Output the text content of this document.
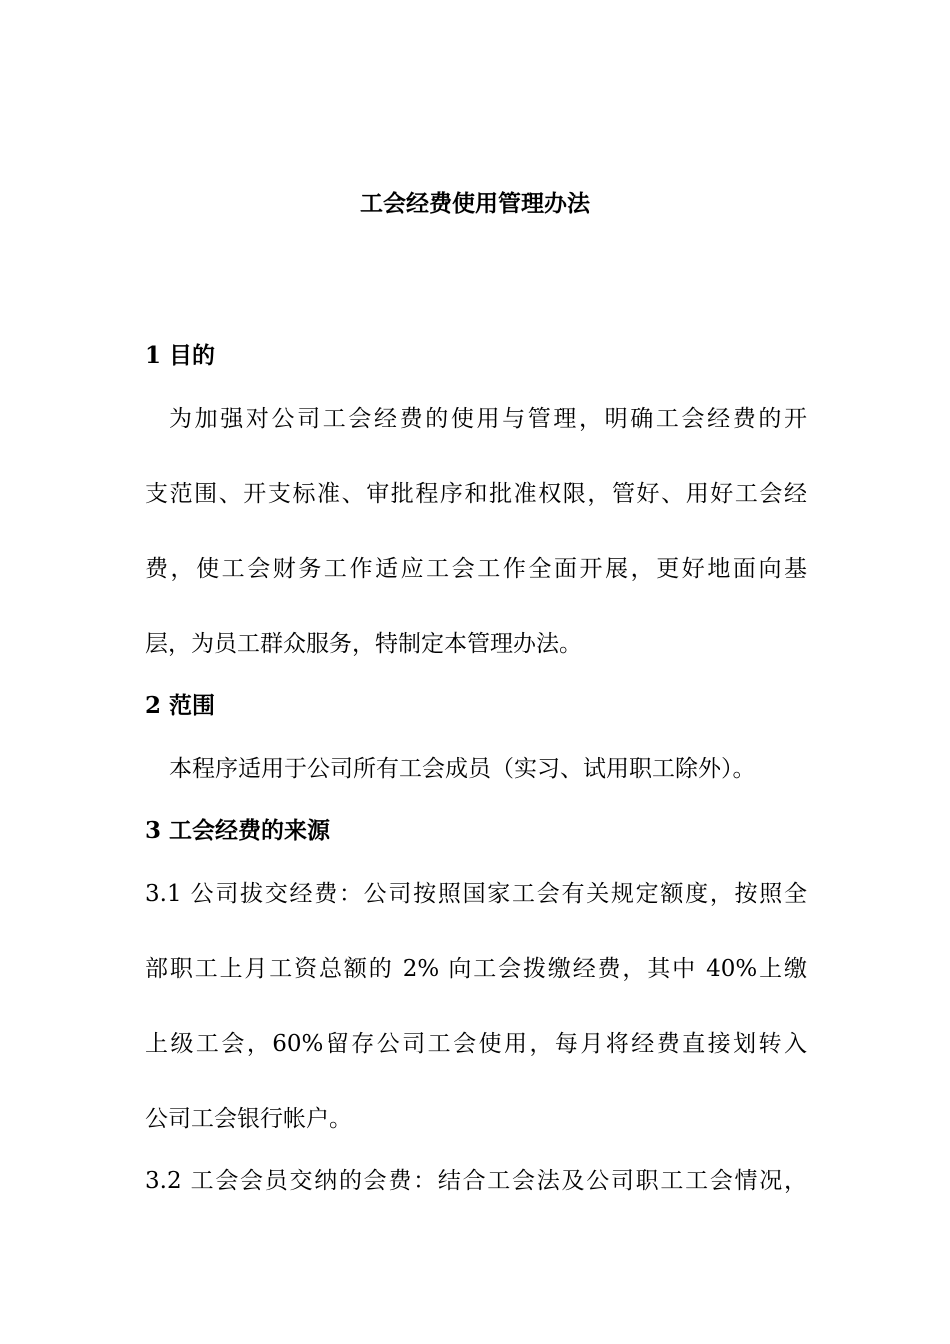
工会经费使用管理办法
1 目的
为加强对公司工会经费的使用与管理，明确工会经费的开
支范围、开支标准、审批程序和批准权限，管好、用好工会经
费，使工会财务工作适应工会工作全面开展，更好地面向基
层，为员工群众服务，特制定本管理办法。
2 范围
本程序适用于公司所有工会成员（实习、试用职工除外）。
3 工会经费的来源
3.1 公司拔交经费：公司按照国家工会有关规定额度，按照全
部职工上月工资总额的 2% 向工会拨缴经费，其中 40%上缴
上级工会，60%留存公司工会使用，每月将经费直接划转入
公司工会银行帐户。
3.2 工会会员交纳的会费：结合工会法及公司职工工会情况，
